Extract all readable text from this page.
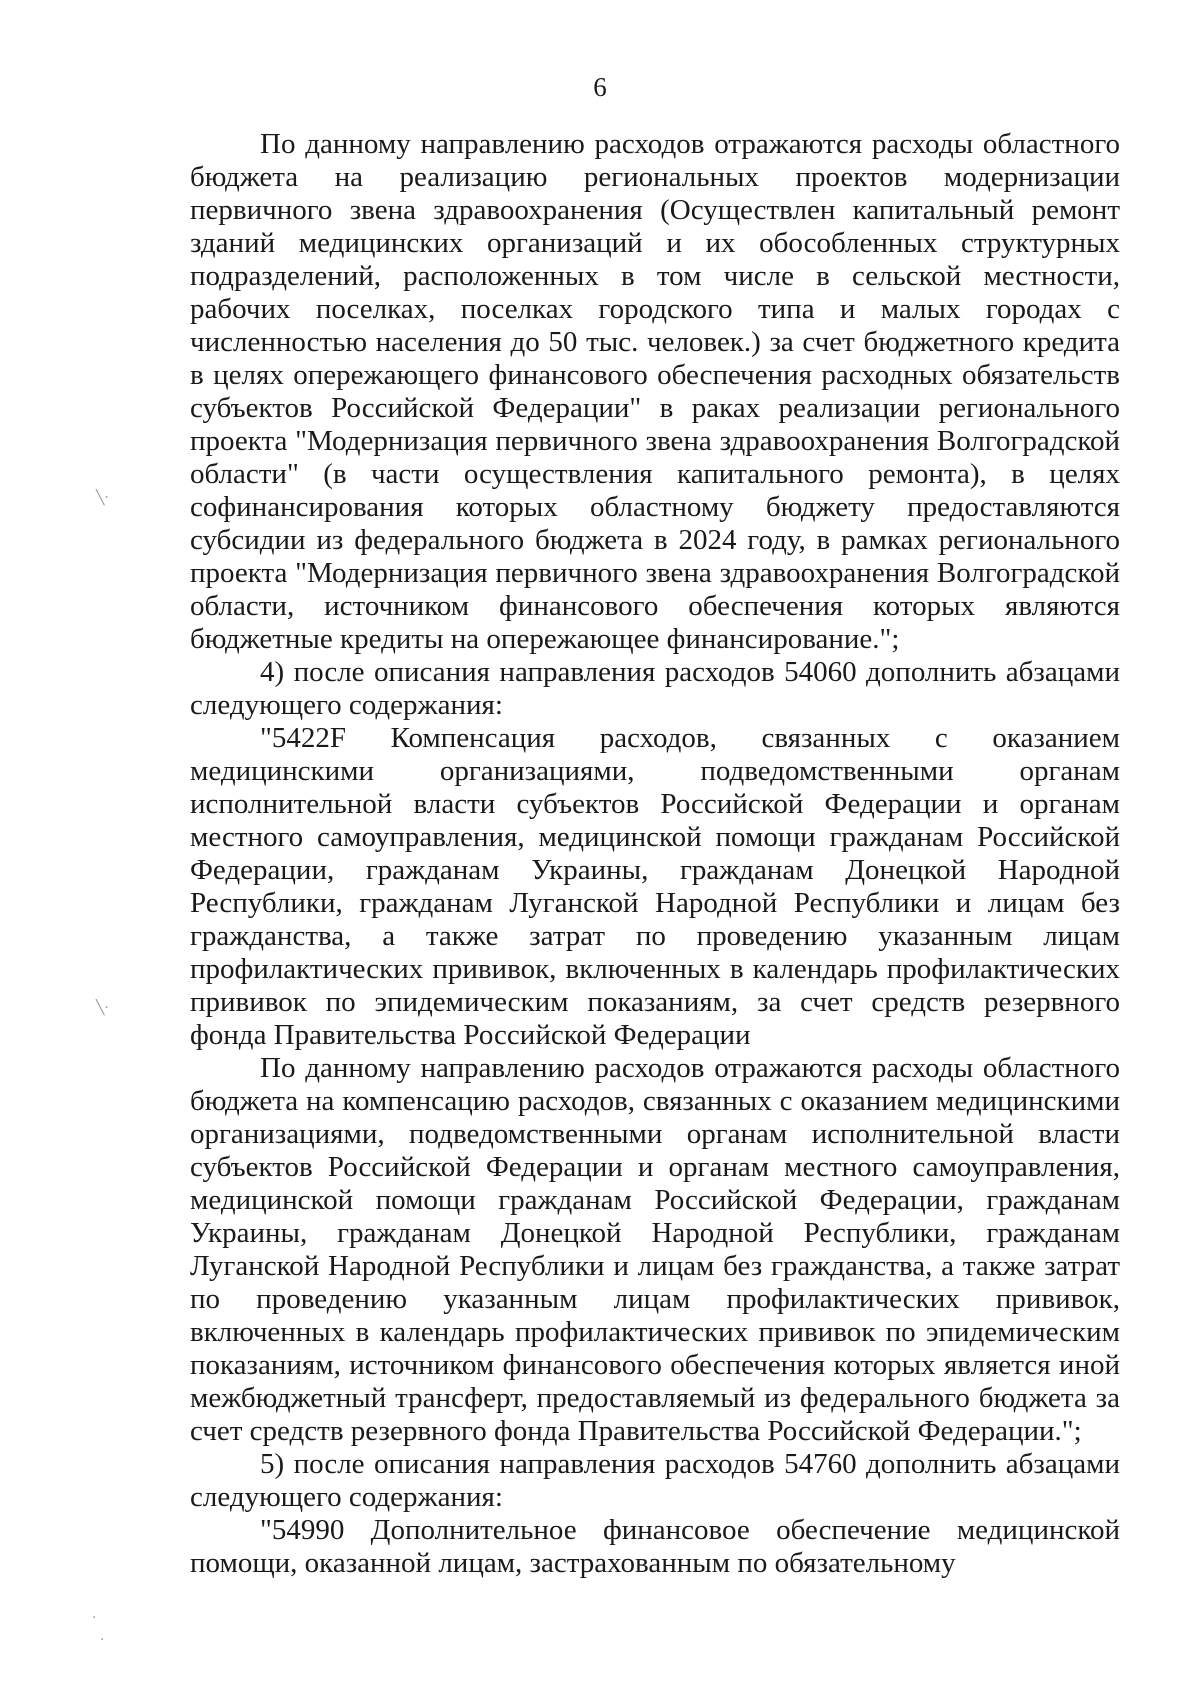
6

По данному направлению расходов отражаются расходы областного бюджета на реализацию региональных проектов модернизации первичного звена здравоохранения (Осуществлен капитальный ремонт зданий медицинских организаций и их обособленных структурных подразделений, расположенных в том числе в сельской местности, рабочих поселках, поселках городского типа и малых городах с численностью населения до 50 тыс. человек.) за счет бюджетного кредита в целях опережающего финансового обеспечения расходных обязательств субъектов Российской Федерации" в раках реализации регионального проекта "Модернизация первичного звена здравоохранения Волгоградской области" (в части осуществления капитального ремонта), в целях софинансирования которых областному бюджету предоставляются субсидии из федерального бюджета в 2024 году, в рамках регионального проекта "Модернизация первичного звена здравоохранения Волгоградской области, источником финансового обеспечения которых являются бюджетные кредиты на опережающее финансирование.";

4) после описания направления расходов 54060 дополнить абзацами следующего содержания:

"5422F Компенсация расходов, связанных с оказанием медицинскими организациями, подведомственными органам исполнительной власти субъектов Российской Федерации и органам местного самоуправления, медицинской помощи гражданам Российской Федерации, гражданам Украины, гражданам Донецкой Народной Республики, гражданам Луганской Народной Республики и лицам без гражданства, а также затрат по проведению указанным лицам профилактических прививок, включенных в календарь профилактических прививок по эпидемическим показаниям, за счет средств резервного фонда Правительства Российской Федерации

По данному направлению расходов отражаются расходы областного бюджета на компенсацию расходов, связанных с оказанием медицинскими организациями, подведомственными органам исполнительной власти субъектов Российской Федерации и органам местного самоуправления, медицинской помощи гражданам Российской Федерации, гражданам Украины, гражданам Донецкой Народной Республики, гражданам Луганской Народной Республики и лицам без гражданства, а также затрат по проведению указанным лицам профилактических прививок, включенных в календарь профилактических прививок по эпидемическим показаниям, источником финансового обеспечения которых является иной межбюджетный трансферт, предоставляемый из федерального бюджета за счет средств резервного фонда Правительства Российской Федерации.";

5) после описания направления расходов 54760 дополнить абзацами следующего содержания:

"54990 Дополнительное финансовое обеспечение медицинской помощи, оказанной лицам, застрахованным по обязательному

╲·
╲·
·
·
